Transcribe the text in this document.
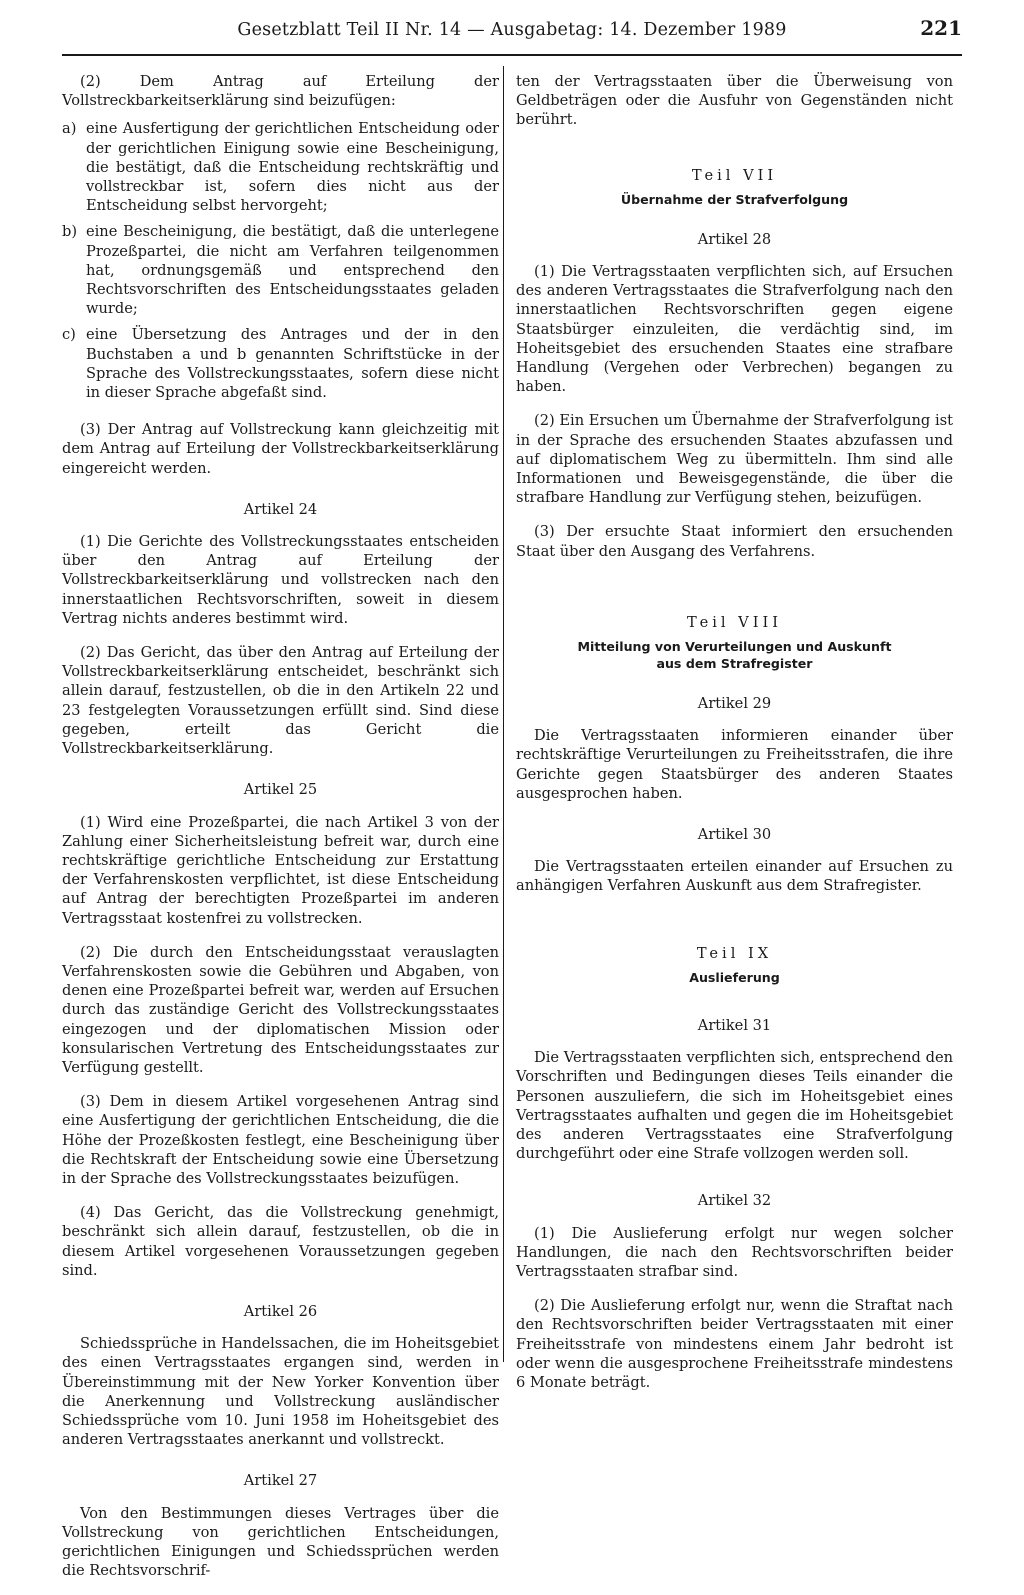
Gesetzblatt Teil II Nr. 14 — Ausgabetag: 14. Dezember 1989	221

(2) Dem Antrag auf Erteilung der Vollstreckbarkeitserklärung sind beizufügen:

a) eine Ausfertigung der gerichtlichen Entscheidung oder der gerichtlichen Einigung sowie eine Bescheinigung, die bestätigt, daß die Entscheidung rechtskräftig und vollstreckbar ist, sofern dies nicht aus der Entscheidung selbst hervorgeht;
b) eine Bescheinigung, die bestätigt, daß die unterlegene Prozeßpartei, die nicht am Verfahren teilgenommen hat, ordnungsgemäß und entsprechend den Rechtsvorschriften des Entscheidungsstaates geladen wurde;
c) eine Übersetzung des Antrages und der in den Buchstaben a und b genannten Schriftstücke in der Sprache des Vollstreckungsstaates, sofern diese nicht in dieser Sprache abgefaßt sind.

(3) Der Antrag auf Vollstreckung kann gleichzeitig mit dem Antrag auf Erteilung der Vollstreckbarkeitserklärung eingereicht werden.

Artikel 24

(1) Die Gerichte des Vollstreckungsstaates entscheiden über den Antrag auf Erteilung der Vollstreckbarkeitserklärung und vollstrecken nach den innerstaatlichen Rechtsvorschriften, soweit in diesem Vertrag nichts anderes bestimmt wird.

(2) Das Gericht, das über den Antrag auf Erteilung der Vollstreckbarkeitserklärung entscheidet, beschränkt sich allein darauf, festzustellen, ob die in den Artikeln 22 und 23 festgelegten Voraussetzungen erfüllt sind. Sind diese gegeben, erteilt das Gericht die Vollstreckbarkeitserklärung.

Artikel 25

(1) Wird eine Prozeßpartei, die nach Artikel 3 von der Zahlung einer Sicherheitsleistung befreit war, durch eine rechtskräftige gerichtliche Entscheidung zur Erstattung der Verfahrenskosten verpflichtet, ist diese Entscheidung auf Antrag der berechtigten Prozeßpartei im anderen Vertragsstaat kostenfrei zu vollstrecken.

(2) Die durch den Entscheidungsstaat verauslagten Verfahrenskosten sowie die Gebühren und Abgaben, von denen eine Prozeßpartei befreit war, werden auf Ersuchen durch das zuständige Gericht des Vollstreckungsstaates eingezogen und der diplomatischen Mission oder konsularischen Vertretung des Entscheidungsstaates zur Verfügung gestellt.

(3) Dem in diesem Artikel vorgesehenen Antrag sind eine Ausfertigung der gerichtlichen Entscheidung, die die Höhe der Prozeßkosten festlegt, eine Bescheinigung über die Rechtskraft der Entscheidung sowie eine Übersetzung in der Sprache des Vollstreckungsstaates beizufügen.

(4) Das Gericht, das die Vollstreckung genehmigt, beschränkt sich allein darauf, festzustellen, ob die in diesem Artikel vorgesehenen Voraussetzungen gegeben sind.

Artikel 26

Schiedssprüche in Handelssachen, die im Hoheitsgebiet des einen Vertragsstaates ergangen sind, werden in Übereinstimmung mit der New Yorker Konvention über die Anerkennung und Vollstreckung ausländischer Schiedssprüche vom 10. Juni 1958 im Hoheitsgebiet des anderen Vertragsstaates anerkannt und vollstreckt.

Artikel 27

Von den Bestimmungen dieses Vertrages über die Vollstreckung von gerichtlichen Entscheidungen, gerichtlichen Einigungen und Schiedssprüchen werden die Rechtsvorschrif-

ten der Vertragsstaaten über die Überweisung von Geldbeträgen oder die Ausfuhr von Gegenständen nicht berührt.

Teil VII

Übernahme der Strafverfolgung

Artikel 28

(1) Die Vertragsstaaten verpflichten sich, auf Ersuchen des anderen Vertragsstaates die Strafverfolgung nach den innerstaatlichen Rechtsvorschriften gegen eigene Staatsbürger einzuleiten, die verdächtig sind, im Hoheitsgebiet des ersuchenden Staates eine strafbare Handlung (Vergehen oder Verbrechen) begangen zu haben.

(2) Ein Ersuchen um Übernahme der Strafverfolgung ist in der Sprache des ersuchenden Staates abzufassen und auf diplomatischem Weg zu übermitteln. Ihm sind alle Informationen und Beweisgegenstände, die über die strafbare Handlung zur Verfügung stehen, beizufügen.

(3) Der ersuchte Staat informiert den ersuchenden Staat über den Ausgang des Verfahrens.

Teil VIII

Mitteilung von Verurteilungen und Auskunft
aus dem Strafregister

Artikel 29

Die Vertragsstaaten informieren einander über rechtskräftige Verurteilungen zu Freiheitsstrafen, die ihre Gerichte gegen Staatsbürger des anderen Staates ausgesprochen haben.

Artikel 30

Die Vertragsstaaten erteilen einander auf Ersuchen zu anhängigen Verfahren Auskunft aus dem Strafregister.

Teil IX

Auslieferung

Artikel 31

Die Vertragsstaaten verpflichten sich, entsprechend den Vorschriften und Bedingungen dieses Teils einander die Personen auszuliefern, die sich im Hoheitsgebiet eines Vertragsstaates aufhalten und gegen die im Hoheitsgebiet des anderen Vertragsstaates eine Strafverfolgung durchgeführt oder eine Strafe vollzogen werden soll.

Artikel 32

(1) Die Auslieferung erfolgt nur wegen solcher Handlungen, die nach den Rechtsvorschriften beider Vertragsstaaten strafbar sind.

(2) Die Auslieferung erfolgt nur, wenn die Straftat nach den Rechtsvorschriften beider Vertragsstaaten mit einer Freiheitsstrafe von mindestens einem Jahr bedroht ist oder wenn die ausgesprochene Freiheitsstrafe mindestens 6 Monate beträgt.
